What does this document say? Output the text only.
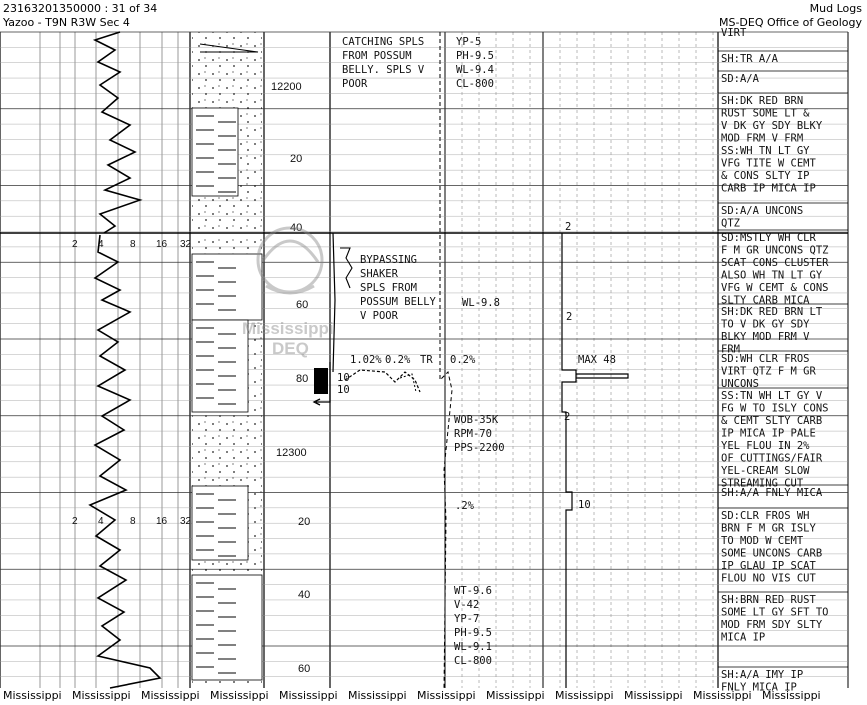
23163201350000 : 31 of 34
Yazoo - T9N R3W Sec 4
Mud Logs
MS-DEQ Office of Geology
12200
20
40
60
80
12300
20
40
60
2 4	8 16 32
2 4	8 16 32
CATCHING SPLS
FROM POSSUM
BELLY. SPLS V
POOR
BYPASSING
SHAKER
SPLS FROM
POSSUM BELLY
V POOR
YP-5
PH-9.5
WL-9.4
CL-800
WL-9.8
WOB-35K
RPM-70
PPS-2200
WT-9.6
V-42
YP-7
PH-9.5
WL-9.1
CL-800
1.02% 0.2% TR 0.2%
.2%
10
10
MAX 48
2
2
2
10
VIRT
SH:TR A/A
SD:A/A
SH:DK RED BRN
RUST SOME LT &
V DK GY SDY BLKY
MOD FRM V FRM
SS:WH TN LT GY
VFG TITE W CEMT
& CONS SLTY IP
CARB IP MICA IP
SD:A/A UNCONS
QTZ
SD:MSTLY WH CLR
F M GR UNCONS QTZ
SCAT CONS CLUSTER
ALSO WH TN LT GY
VFG W CEMT & CONS
SLTY CARB MICA
SH:DK RED BRN LT
TO V DK GY SDY
BLKY MOD FRM V
FRM
SD:WH CLR FROS
VIRT QTZ F M GR
UNCONS
SS:TN WH LT GY V
FG W TO ISLY CONS
& CEMT SLTY CARB
IP MICA IP PALE
YEL FLOU IN 2%
OF CUTTINGS/FAIR
YEL-CREAM SLOW
STREAMING CUT
SH:A/A FNLY MICA
SD:CLR FROS WH
BRN F M GR ISLY
TO MOD W CEMT
SOME UNCONS CARB
IP GLAU IP SCAT
FLOU NO VIS CUT
SH:BRN RED RUST
SOME LT GY SFT TO
MOD FRM SDY SLTY
MICA IP
SH:A/A IMY IP
FNLY MICA IP
Mississippi
DEQ
Mississippi Mississippi Mississippi Mississippi Mississippi Mississippi Mississippi Mississippi Mississippi Mississippi Mississippi Mississippi
